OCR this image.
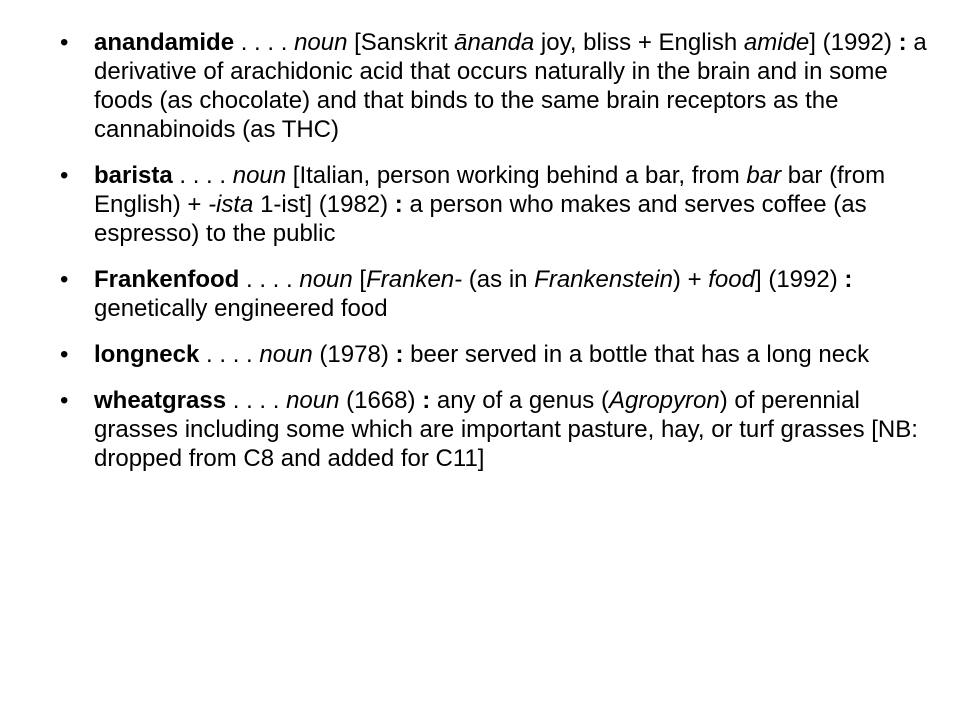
• anandamide . . . . noun [Sanskrit ānanda joy, bliss + English amide] (1992) : a derivative of arachidonic acid that occurs naturally in the brain and in some foods (as chocolate) and that binds to the same brain receptors as the cannabinoids (as THC)
• barista . . . . noun [Italian, person working behind a bar, from bar bar (from English) + -ista 1-ist] (1982) : a person who makes and serves coffee (as espresso) to the public
• Frankenfood . . . . noun [Franken- (as in Frankenstein) + food] (1992) : genetically engineered food
• longneck . . . . noun (1978) : beer served in a bottle that has a long neck
• wheatgrass . . . . noun (1668) : any of a genus (Agropyron) of perennial grasses including some which are important pasture, hay, or turf grasses [NB: dropped from C8 and added for C11]
